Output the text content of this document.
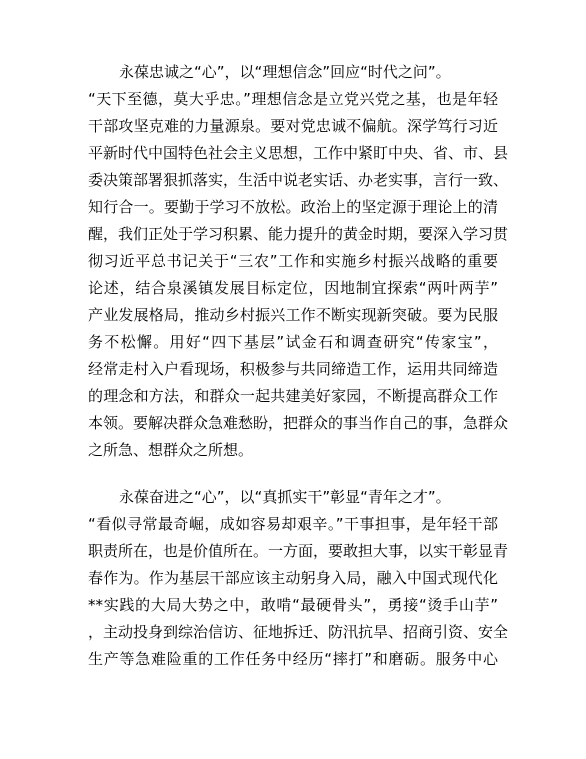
永葆忠诚之“心”，以“理想信念”回应“时代之问”。
“天下至德，莫大乎忠。”理想信念是立党兴党之基，也是年轻
干部攻坚克难的力量源泉。要对党忠诚不偏航。深学笃行习近
平新时代中国特色社会主义思想，工作中紧盯中央、省、市、县
委决策部署狠抓落实，生活中说老实话、办老实事，言行一致、
知行合一。要勤于学习不放松。政治上的坚定源于理论上的清
醒，我们正处于学习积累、能力提升的黄金时期，要深入学习贯
彻习近平总书记关于“三农”工作和实施乡村振兴战略的重要
论述，结合泉溪镇发展目标定位，因地制宜探索“两叶两芋”
产业发展格局，推动乡村振兴工作不断实现新突破。要为民服
务不松懈。用好“四下基层”试金石和调查研究“传家宝”，
经常走村入户看现场，积极参与共同缔造工作，运用共同缔造
的理念和方法，和群众一起共建美好家园，不断提高群众工作
本领。要解决群众急难愁盼，把群众的事当作自己的事，急群众
之所急、想群众之所想。
永葆奋进之“心”，以“真抓实干”彰显“青年之才”。
“看似寻常最奇崛，成如容易却艰辛。”干事担事，是年轻干部
职责所在，也是价值所在。一方面，要敢担大事，以实干彰显青
春作为。作为基层干部应该主动躬身入局，融入中国式现代化
**实践的大局大势之中，敢啃“最硬骨头”，勇接“烫手山芋”
，主动投身到综治信访、征地拆迁、防汛抗旱、招商引资、安全
生产等急难险重的工作任务中经历“摔打”和磨砺。服务中心
